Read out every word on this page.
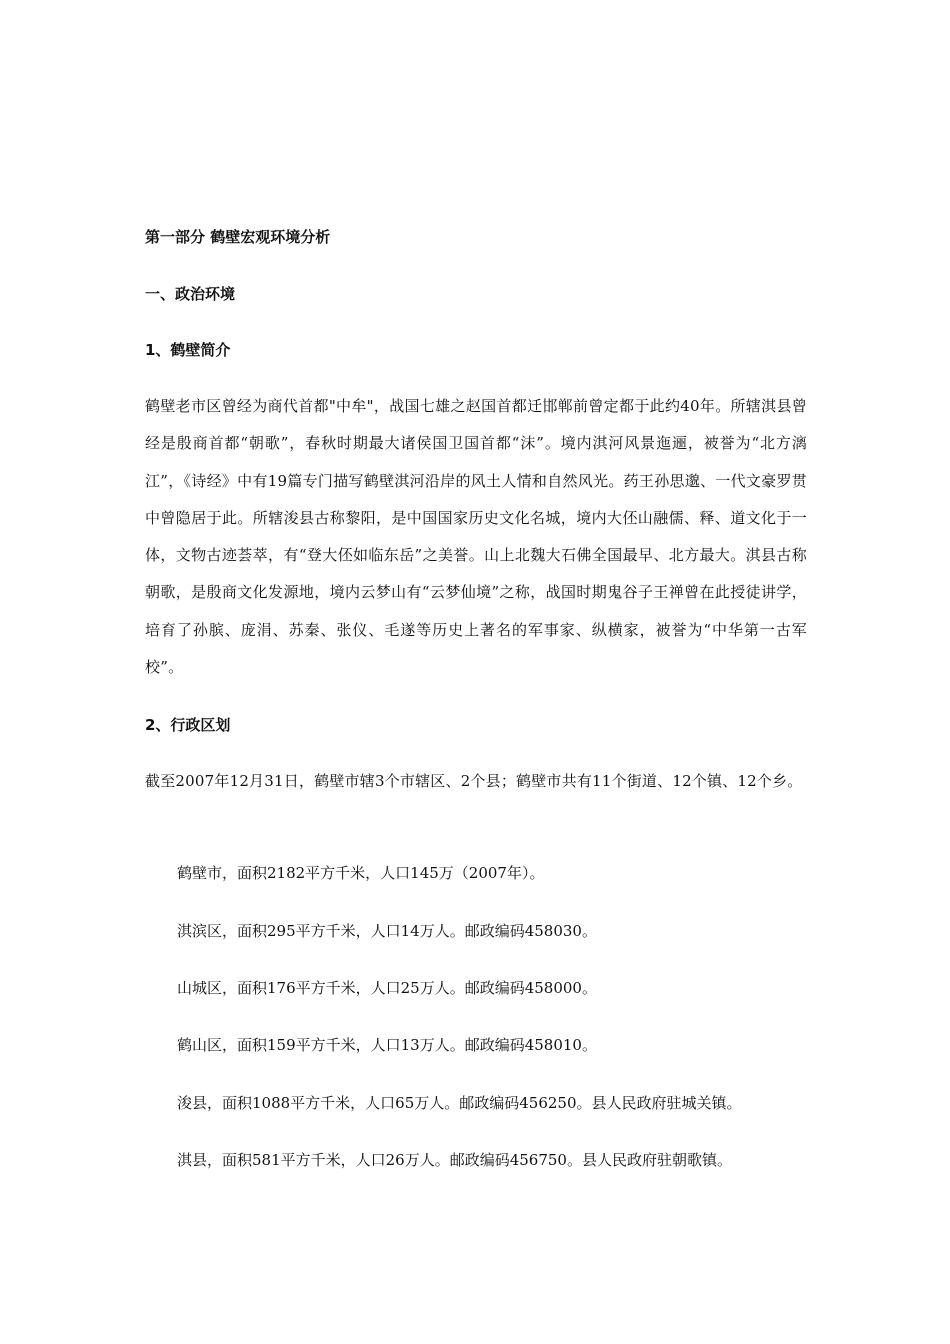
第一部分 鹤壁宏观环境分析
一、政治环境
1、鹤壁简介
鹤壁老市区曾经为商代首都"中牟"，战国七雄之赵国首都迁邯郸前曾定都于此约40年。所辖淇县曾经是殷商首都“朝歌”，春秋时期最大诸侯国卫国首都“沫”。境内淇河风景迤逦，被誉为“北方漓江”，《诗经》中有19篇专门描写鹤壁淇河沿岸的风土人情和自然风光。药王孙思邈、一代文豪罗贯中曾隐居于此。所辖浚县古称黎阳，是中国国家历史文化名城，境内大伾山融儒、释、道文化于一体，文物古迹荟萃，有“登大伾如临东岳”之美誉。山上北魏大石佛全国最早、北方最大。淇县古称朝歌，是殷商文化发源地，境内云梦山有“云梦仙境”之称，战国时期鬼谷子王禅曾在此授徒讲学，培育了孙膑、庞涓、苏秦、张仪、毛遂等历史上著名的军事家、纵横家，被誉为“中华第一古军校”。
2、行政区划
截至2007年12月31日，鹤壁市辖3个市辖区、2个县；鹤壁市共有11个街道、12个镇、12个乡。
鹤壁市，面积2182平方千米，人口145万（2007年）。
淇滨区，面积295平方千米，人口14万人。邮政编码458030。
山城区，面积176平方千米，人口25万人。邮政编码458000。
鹤山区，面积159平方千米，人口13万人。邮政编码458010。
浚县，面积1088平方千米，人口65万人。邮政编码456250。县人民政府驻城关镇。
淇县，面积581平方千米，人口26万人。邮政编码456750。县人民政府驻朝歌镇。
